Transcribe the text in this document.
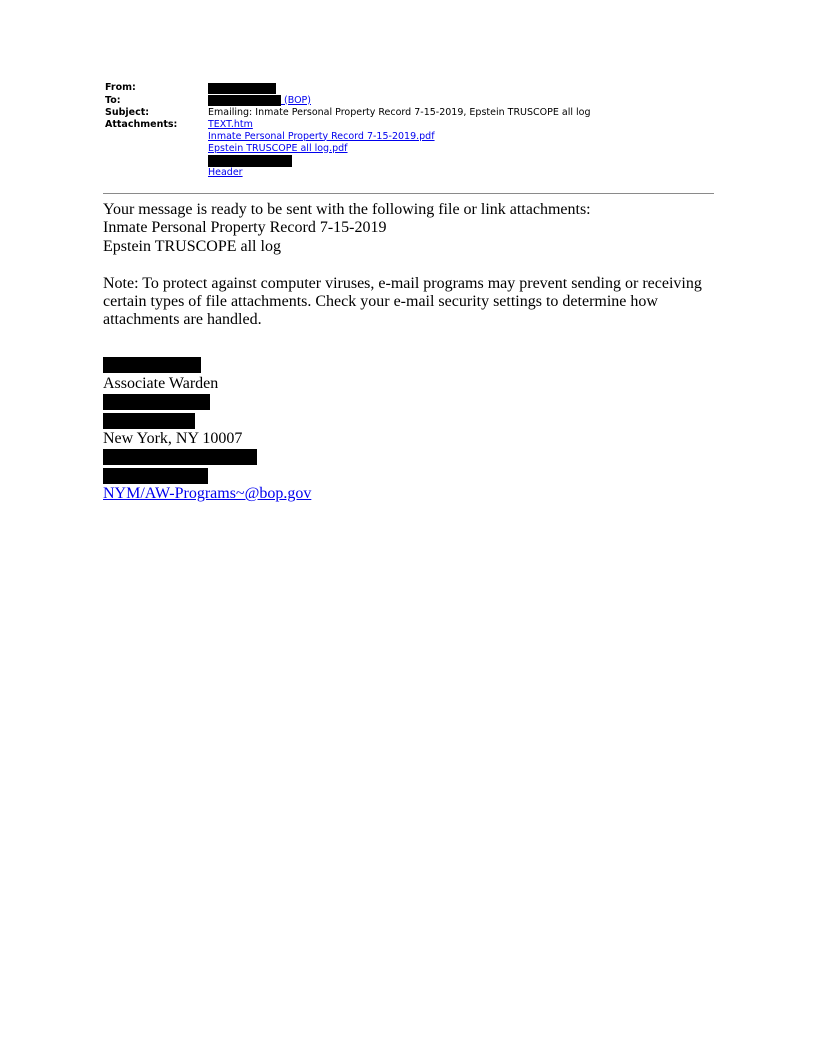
From:
To:	(BOP)
Subject:	Emailing: Inmate Personal Property Record 7-15-2019, Epstein TRUSCOPE all log
Attachments:	TEXT.htm
Inmate Personal Property Record 7-15-2019.pdf
Epstein TRUSCOPE all log.pdf
Header

Your message is ready to be sent with the following file or link attachments:

Inmate Personal Property Record 7-15-2019

Epstein TRUSCOPE all log

Note: To protect against computer viruses, e-mail programs may prevent sending or receiving certain types of file attachments. Check your e-mail security settings to determine how attachments are handled.

Associate Warden

New York, NY 10007

NYM/AW-Programs~@bop.gov
